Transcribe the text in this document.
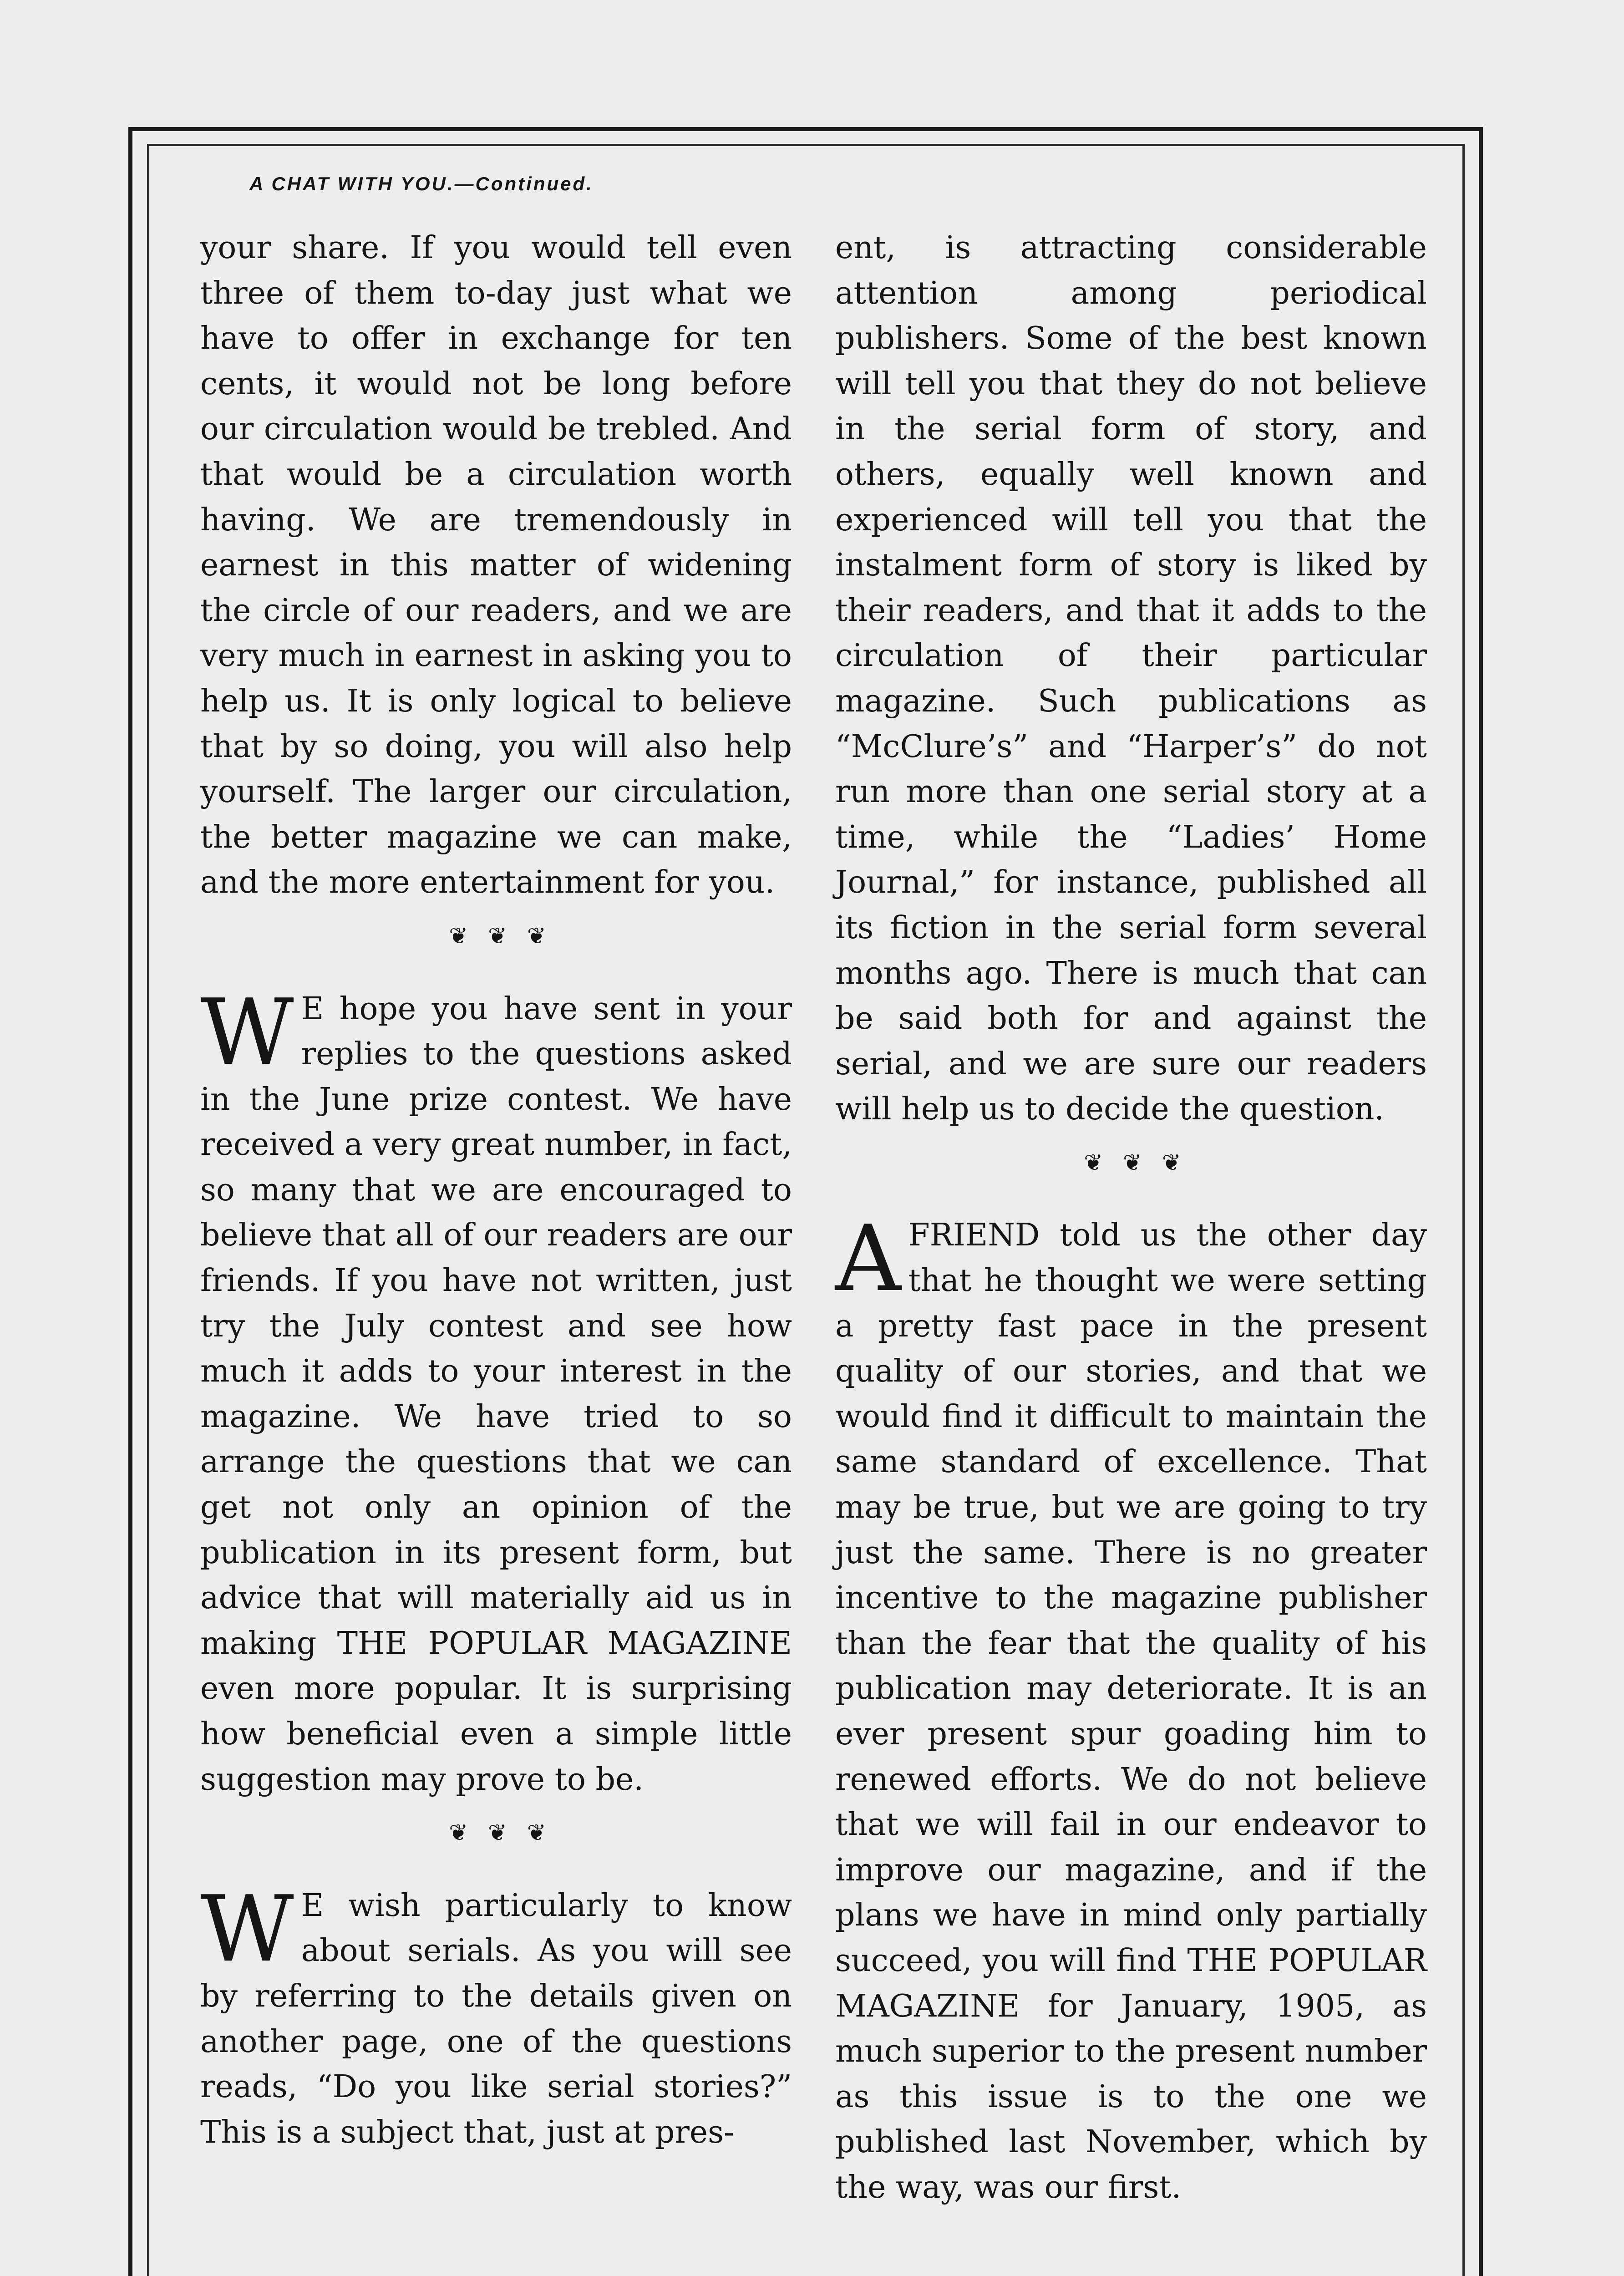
A CHAT WITH YOU.—Continued.

your share. If you would tell even three of them to-day just what we have to offer in exchange for ten cents, it would not be long before our circulation would be trebled. And that would be a circulation worth having. We are tremendously in earnest in this matter of widening the circle of our readers, and we are very much in earnest in asking you to help us. It is only logical to believe that by so doing, you will also help yourself. The larger our circulation, the better magazine we can make, and the more entertainment for you.

❦ ❦ ❦

W E hope you have sent in your replies to the questions asked in the June prize contest. We have received a very great number, in fact, so many that we are encouraged to believe that all of our readers are our friends. If you have not written, just try the July contest and see how much it adds to your interest in the magazine. We have tried to so arrange the questions that we can get not only an opinion of the publication in its present form, but advice that will materially aid us in making THE POPULAR MAGAZINE even more popular. It is surprising how beneficial even a simple little suggestion may prove to be.

❦ ❦ ❦

W E wish particularly to know about serials. As you will see by referring to the details given on another page, one of the questions reads, “Do you like serial stories?” This is a subject that, just at pres-

ent, is attracting considerable attention among periodical publishers. Some of the best known will tell you that they do not believe in the serial form of story, and others, equally well known and experienced will tell you that the instalment form of story is liked by their readers, and that it adds to the circulation of their particular magazine. Such publications as “McClure’s” and “Harper’s” do not run more than one serial story at a time, while the “Ladies’ Home Journal,” for instance, published all its fiction in the serial form several months ago. There is much that can be said both for and against the serial, and we are sure our readers will help us to decide the question.

❦ ❦ ❦

AFRIEND told us the other day that he thought we were setting a pretty fast pace in the present quality of our stories, and that we would find it difficult to maintain the same standard of excellence. That may be true, but we are going to try just the same. There is no greater incentive to the magazine publisher than the fear that the quality of his publication may deteriorate. It is an ever present spur goading him to renewed efforts. We do not believe that we will fail in our endeavor to improve our magazine, and if the plans we have in mind only partially succeed, you will find THE POPULAR MAGAZINE for January, 1905, as much superior to the present number as this issue is to the one we published last November, which by the way, was our first.
